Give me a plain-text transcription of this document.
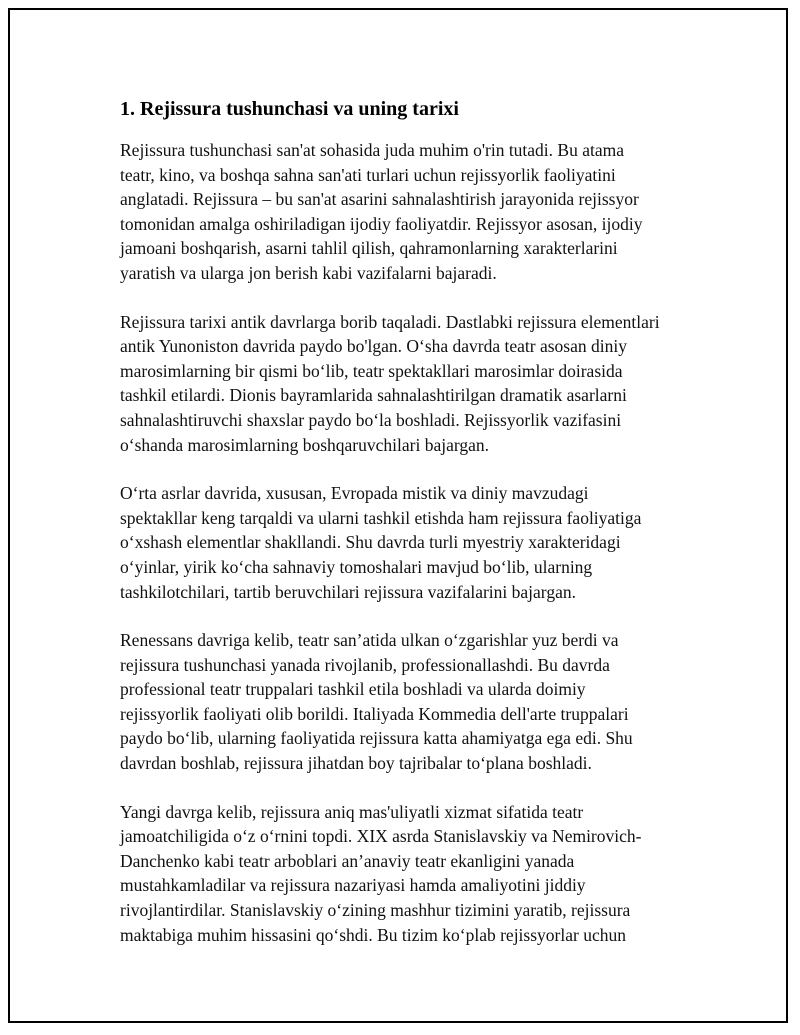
1. Rejissura tushunchasi va uning tarixi
Rejissura tushunchasi san'at sohasida juda muhim o'rin tutadi. Bu atama
teatr, kino, va boshqa sahna san'ati turlari uchun rejissyorlik faoliyatini
anglatadi. Rejissura – bu san'at asarini sahnalashtirish jarayonida rejissyor
tomonidan amalga oshiriladigan ijodiy faoliyatdir. Rejissyor asosan, ijodiy
jamoani boshqarish, asarni tahlil qilish, qahramonlarning xarakterlarini
yaratish va ularga jon berish kabi vazifalarni bajaradi.
Rejissura tarixi antik davrlarga borib taqaladi. Dastlabki rejissura elementlari
antik Yunoniston davrida paydo bo'lgan. O‘sha davrda teatr asosan diniy
marosimlarning bir qismi bo‘lib, teatr spektakllari marosimlar doirasida
tashkil etilardi. Dionis bayramlarida sahnalashtirilgan dramatik asarlarni
sahnalashtiruvchi shaxslar paydo bo‘la boshladi. Rejissyorlik vazifasini
o‘shanda marosimlarning boshqaruvchilari bajargan.
O‘rta asrlar davrida, xususan, Evropada mistik va diniy mavzudagi
spektakllar keng tarqaldi va ularni tashkil etishda ham rejissura faoliyatiga
o‘xshash elementlar shakllandi. Shu davrda turli myestriy xarakteridagi
o‘yinlar, yirik ko‘cha sahnaviy tomoshalari mavjud bo‘lib, ularning
tashkilotchilari, tartib beruvchilari rejissura vazifalarini bajargan.
Renessans davriga kelib, teatr san’atida ulkan o‘zgarishlar yuz berdi va
rejissura tushunchasi yanada rivojlanib, professionallashdi. Bu davrda
professional teatr truppalari tashkil etila boshladi va ularda doimiy
rejissyorlik faoliyati olib borildi. Italiyada Kommedia dell'arte truppalari
paydo bo‘lib, ularning faoliyatida rejissura katta ahamiyatga ega edi. Shu
davrdan boshlab, rejissura jihatdan boy tajribalar to‘plana boshladi.
Yangi davrga kelib, rejissura aniq mas'uliyatli xizmat sifatida teatr
jamoatchiligida o‘z o‘rnini topdi. XIX asrda Stanislavskiy va Nemirovich-
Danchenko kabi teatr arboblari an’anaviy teatr ekanligini yanada
mustahkamladilar va rejissura nazariyasi hamda amaliyotini jiddiy
rivojlantirdilar. Stanislavskiy o‘zining mashhur tizimini yaratib, rejissura
maktabiga muhim hissasini qo‘shdi. Bu tizim ko‘plab rejissyorlar uchun
